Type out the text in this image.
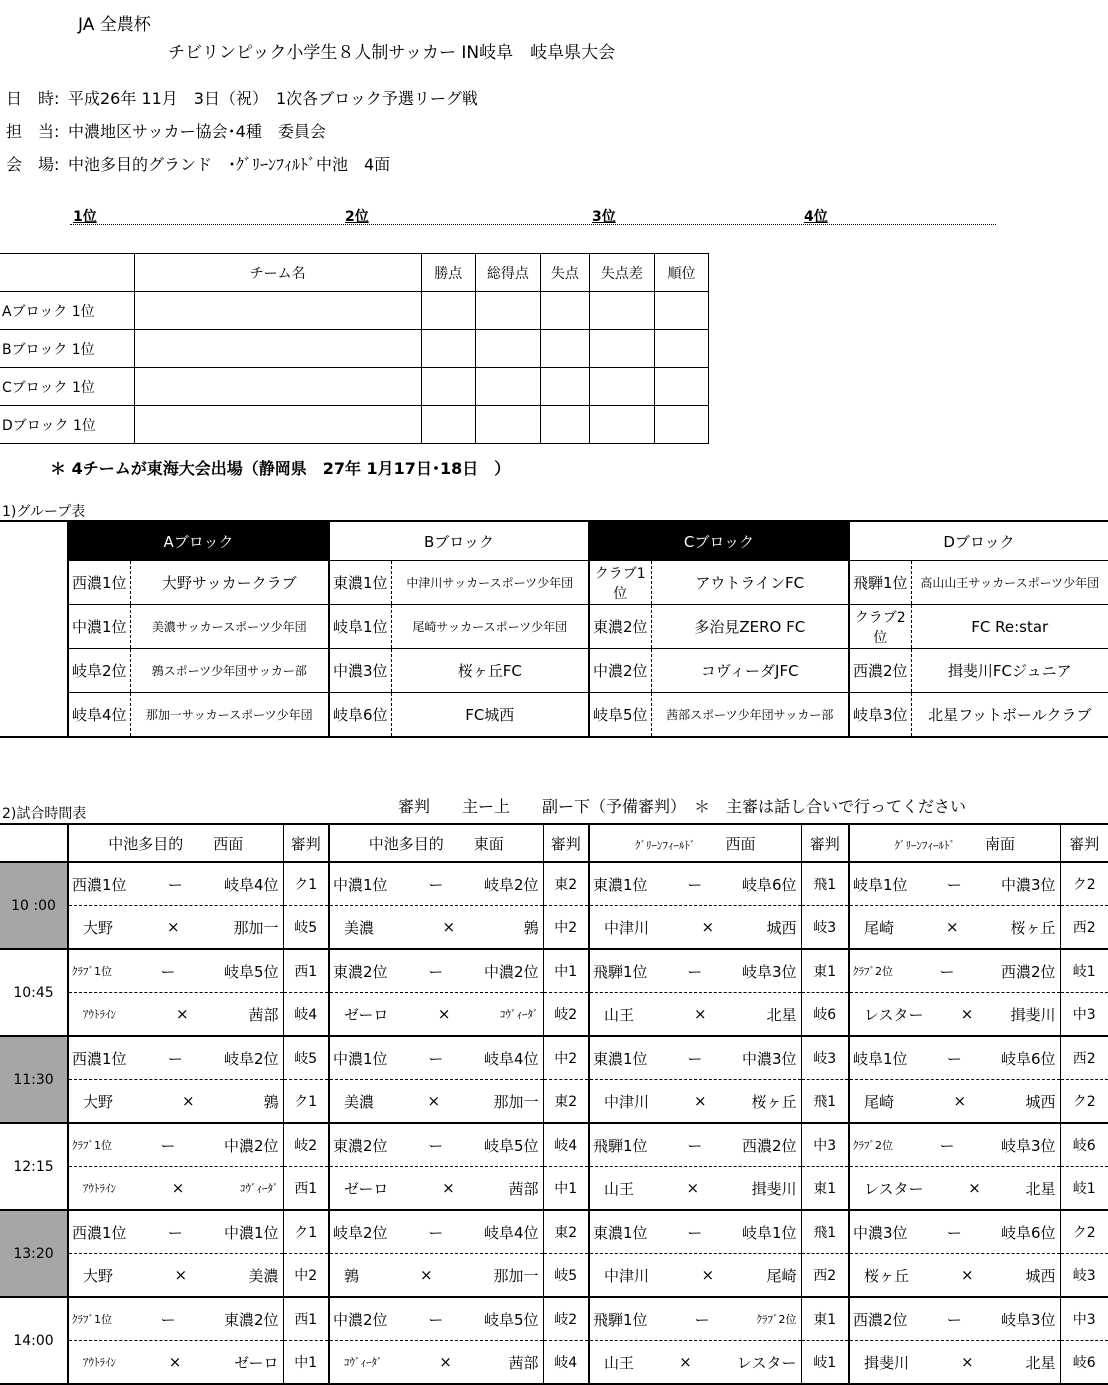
JA 全農杯
チビリンピック小学生８人制サッカー IN岐阜　岐阜県大会
日　時: 平成26年 11月　3日（祝）　1次各ブロック予選リーグ戦
担　当: 中濃地区サッカー協会･4種　委員会
会　場: 中池多目的グランド　･ｸﾞﾘｰﾝﾌｨﾙﾄﾞ中池　4面
1位	2位	3位	4位
	チーム名	勝点	総得点	失点	失点差	順位
Aブロック 1位						
Bブロック 1位						
Cブロック 1位						
Dブロック 1位						
＊ 4チームが東海大会出場（静岡県　27年 1月17日･18日　）
1)グループ表
	Aブロック		Bブロック		Cブロック		Dブロック	
	西濃1位	大野サッカークラブ	東濃1位	中津川サッカースポーツ少年団	クラブ1位	アウトラインFC	飛騨1位	高山山王サッカースポーツ少年団
	中濃1位	美濃サッカースポーツ少年団	岐阜1位	尾崎サッカースポーツ少年団	東濃2位	多治見ZERO FC	クラブ2位	FC Re:star
	岐阜2位	鶉スポーツ少年団サッカー部	中濃3位	桜ヶ丘FC	中濃2位	コヴィーダJFC	西濃2位	揖斐川FCジュニア
	岐阜4位	那加一サッカースポーツ少年団	岐阜6位	FC城西	岐阜5位	茜部スポーツ少年団サッカー部	岐阜3位	北星フットボールクラブ
2)試合時間表	審判　　主ー上　　副ー下（予備審判）　＊　主審は話し合いで行ってください
	中池多目的　　 西面	審判	中池多目的　　 東面	審判	ｸﾞﾘｰﾝﾌｨｰﾙﾄﾞ　　 西面	審判	ｸﾞﾘｰﾝﾌｨｰﾙﾄﾞ　　 南面	審判
10 :00	西濃1位 ー 岐阜4位	ク1	中濃1位 ー 岐阜2位	東2	東濃1位 ー 岐阜6位	飛1	岐阜1位 ー 中濃3位	ク2

	大野 × 那加一	岐5	美濃 × 鶉	中2	中津川 × 城西	岐3	尾崎 × 桜ヶ丘	西2
10:45	ｸﾗﾌﾞ1位 ー 岐阜5位	西1	東濃2位 ー 中濃2位	中1	飛騨1位 ー 岐阜3位	東1	ｸﾗﾌﾞ2位 ー 西濃2位	岐1

	ｱｳﾄﾗｲﾝ × 茜部	岐4	ゼーロ × ｺｳﾞｨｰﾀﾞ	岐2	山王 × 北星	岐6	レスター × 揖斐川	中3
11:30	西濃1位 ー 岐阜2位	岐5	中濃1位 ー 岐阜4位	中2	東濃1位 ー 中濃3位	岐3	岐阜1位 ー 岐阜6位	西2

	大野 × 鶉	ク1	美濃 × 那加一	東2	中津川 × 桜ヶ丘	飛1	尾崎 × 城西	ク2
12:15	ｸﾗﾌﾞ1位 ー 中濃2位	岐2	東濃2位 ー 岐阜5位	岐4	飛騨1位 ー 西濃2位	中3	ｸﾗﾌﾞ2位 ー 岐阜3位	岐6

	ｱｳﾄﾗｲﾝ × ｺｳﾞｨｰﾀﾞ	西1	ゼーロ × 茜部	中1	山王 × 揖斐川	東1	レスター × 北星	岐1
13:20	西濃1位 ー 中濃1位	ク1	岐阜2位 ー 岐阜4位	東2	東濃1位 ー 岐阜1位	飛1	中濃3位 ー 岐阜6位	ク2

	大野 × 美濃	中2	鶉 × 那加一	岐5	中津川 × 尾崎	西2	桜ヶ丘 × 城西	岐3
14:00	ｸﾗﾌﾞ1位 ー 東濃2位	西1	中濃2位 ー 岐阜5位	岐2	飛騨1位 ー ｸﾗﾌﾞ2位	東1	西濃2位 ー 岐阜3位	中3

	ｱｳﾄﾗｲﾝ × ゼーロ	中1	ｺｳﾞｨｰﾀﾞ × 茜部	岐4	山王 × レスター	岐1	揖斐川 × 北星	岐6
